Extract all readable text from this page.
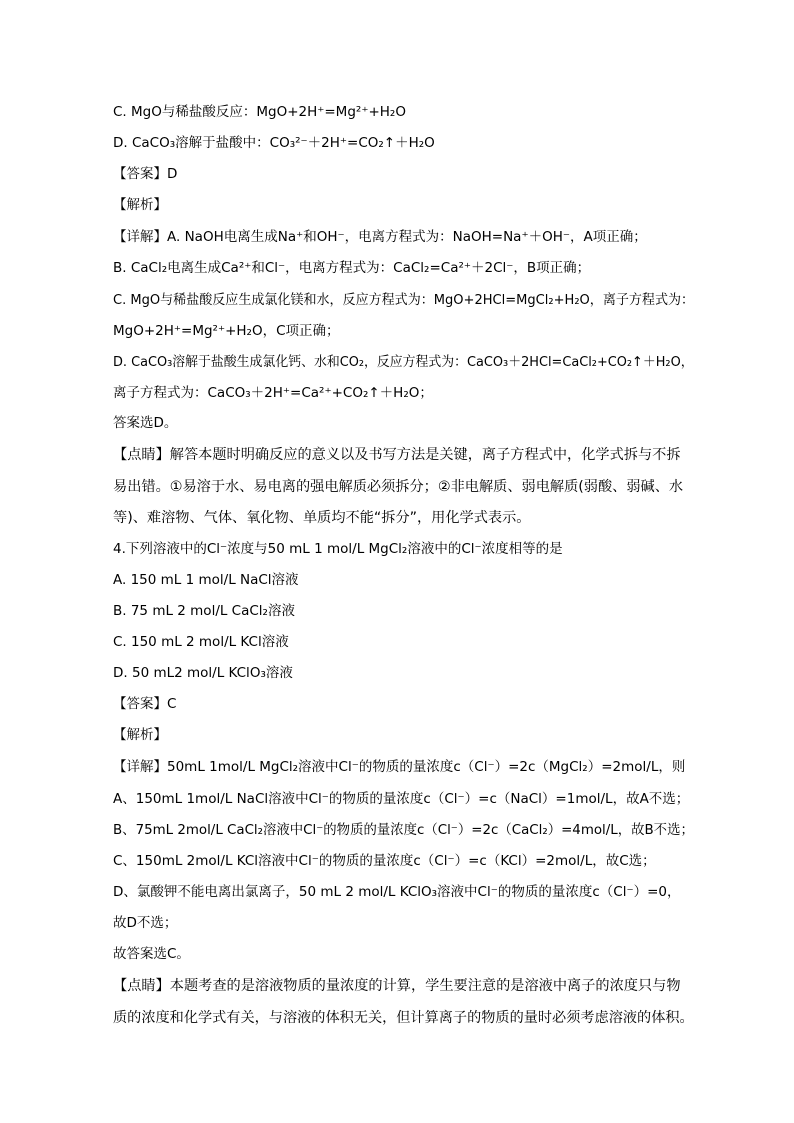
C. MgO与稀盐酸反应：MgO+2H⁺=Mg²⁺+H₂O
D. CaCO₃溶解于盐酸中：CO₃²⁻＋2H⁺=CO₂↑＋H₂O
【答案】D
【解析】
【详解】A. NaOH电离生成Na⁺和OH⁻，电离方程式为：NaOH=Na⁺＋OH⁻，A项正确；
B. CaCl₂电离生成Ca²⁺和Cl⁻，电离方程式为：CaCl₂=Ca²⁺＋2Cl⁻，B项正确；
C. MgO与稀盐酸反应生成氯化镁和水，反应方程式为：MgO+2HCl=MgCl₂+H₂O，离子方程式为：
MgO+2H⁺=Mg²⁺+H₂O，C项正确；
D. CaCO₃溶解于盐酸生成氯化钙、水和CO₂，反应方程式为：CaCO₃＋2HCl=CaCl₂+CO₂↑＋H₂O，
离子方程式为：CaCO₃＋2H⁺=Ca²⁺+CO₂↑＋H₂O；
答案选D。
【点睛】解答本题时明确反应的意义以及书写方法是关键，离子方程式中，化学式拆与不拆
易出错。①易溶于水、易电离的强电解质必须拆分；②非电解质、弱电解质(弱酸、弱碱、水
等)、难溶物、气体、氧化物、单质均不能“拆分”，用化学式表示。
4.下列溶液中的Cl⁻浓度与50 mL 1 mol/L MgCl₂溶液中的Cl⁻浓度相等的是
A. 150 mL 1 mol/L NaCl溶液
B. 75 mL 2 mol/L CaCl₂溶液
C. 150 mL 2 mol/L KCl溶液
D. 50 mL2 mol/L KClO₃溶液
【答案】C
【解析】
【详解】50mL 1mol/L MgCl₂溶液中Cl⁻的物质的量浓度c（Cl⁻）=2c（MgCl₂）=2mol/L，则
A、150mL 1mol/L NaCl溶液中Cl⁻的物质的量浓度c（Cl⁻）=c（NaCl）=1mol/L，故A不选；
B、75mL 2mol/L CaCl₂溶液中Cl⁻的物质的量浓度c（Cl⁻）=2c（CaCl₂）=4mol/L，故B不选；
C、150mL 2mol/L KCl溶液中Cl⁻的物质的量浓度c（Cl⁻）=c（KCl）=2mol/L，故C选；
D、氯酸钾不能电离出氯离子，50 mL 2 mol/L KClO₃溶液中Cl⁻的物质的量浓度c（Cl⁻）=0，
故D不选；
故答案选C。
【点睛】本题考查的是溶液物质的量浓度的计算，学生要注意的是溶液中离子的浓度只与物
质的浓度和化学式有关，与溶液的体积无关，但计算离子的物质的量时必须考虑溶液的体积。
